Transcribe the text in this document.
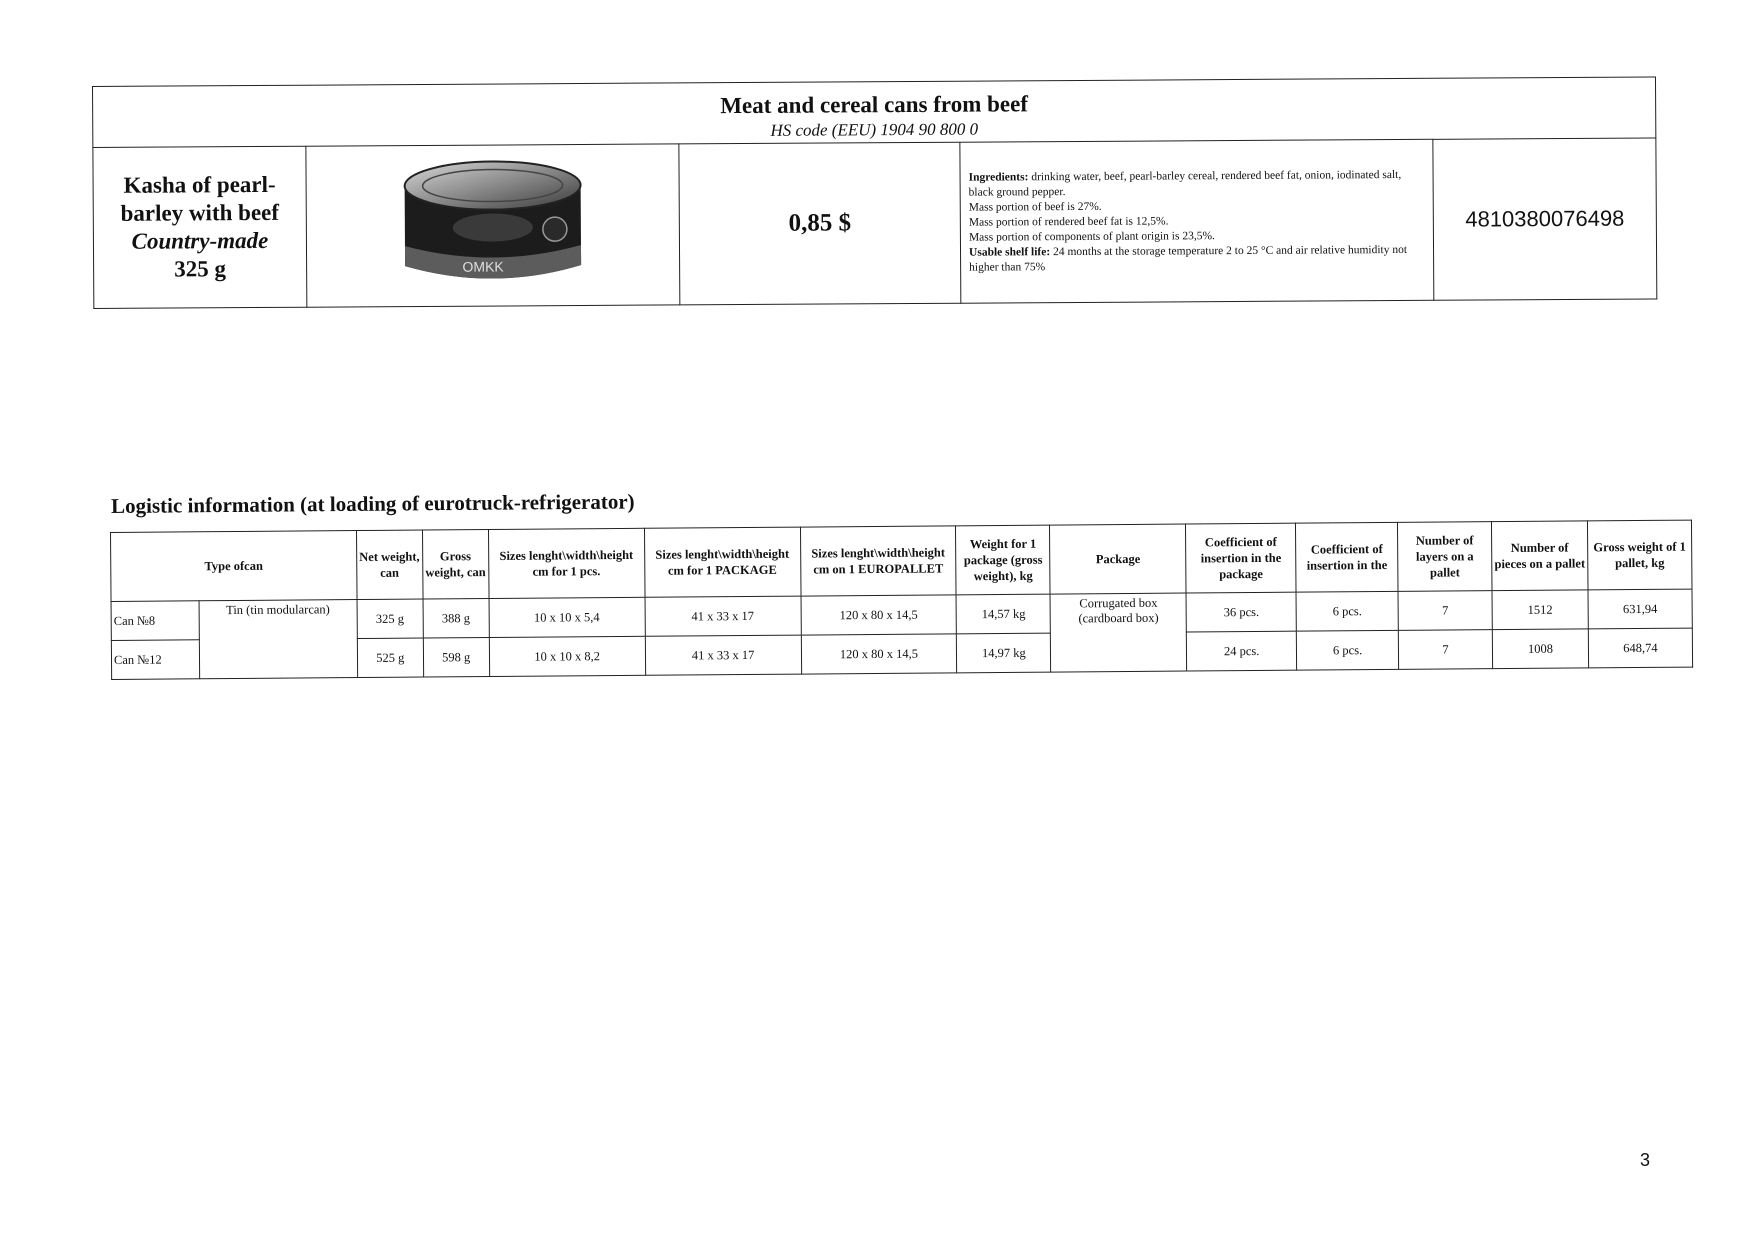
Meat and cereal cans from beef
HS code (EEU) 1904 90 800 0

Kasha of pearl-
barley with beef

Country-made
325 g	OMKK
	0,85 $	Ingredients: drinking water, beef, pearl-barley cereal, rendered beef fat, onion, iodinated salt, black ground pepper.
Mass portion of beef is 27%.
Mass portion of rendered beef fat is 12,5%.
Mass portion of components of plant origin is 23,5%.
Usable shelf life: 24 months at the storage temperature 2 to 25 °C and air relative humidity not higher than 75%	4810380076498
Logistic information (at loading of eurotruck-refrigerator)
Type ofcan		Net weight, can	Gross weight, can	Sizes lenght\width\height cm for 1 pcs.	Sizes lenght\width\height cm for 1 PACKAGE	Sizes lenght\width\height cm on 1 EUROPALLET	Weight for 1 package (gross weight), kg	Package	Coefficient of insertion in the package	Coefficient of insertion in the	Number of layers on a pallet	Number of pieces on a pallet	Gross weight of 1 pallet, kg
Can №8	Tin (tin modularcan)	325 g	388 g	10 x 10 x 5,4	41 x 33 x 17	120 x 80 x 14,5	14,57 kg	Corrugated box (cardboard box)	36 pcs.	6 pcs.	7	1512	631,94
Can №12		525 g	598 g	10 x 10 x 8,2	41 x 33 x 17	120 x 80 x 14,5	14,97 kg		24 pcs.	6 pcs.	7	1008	648,74
3
